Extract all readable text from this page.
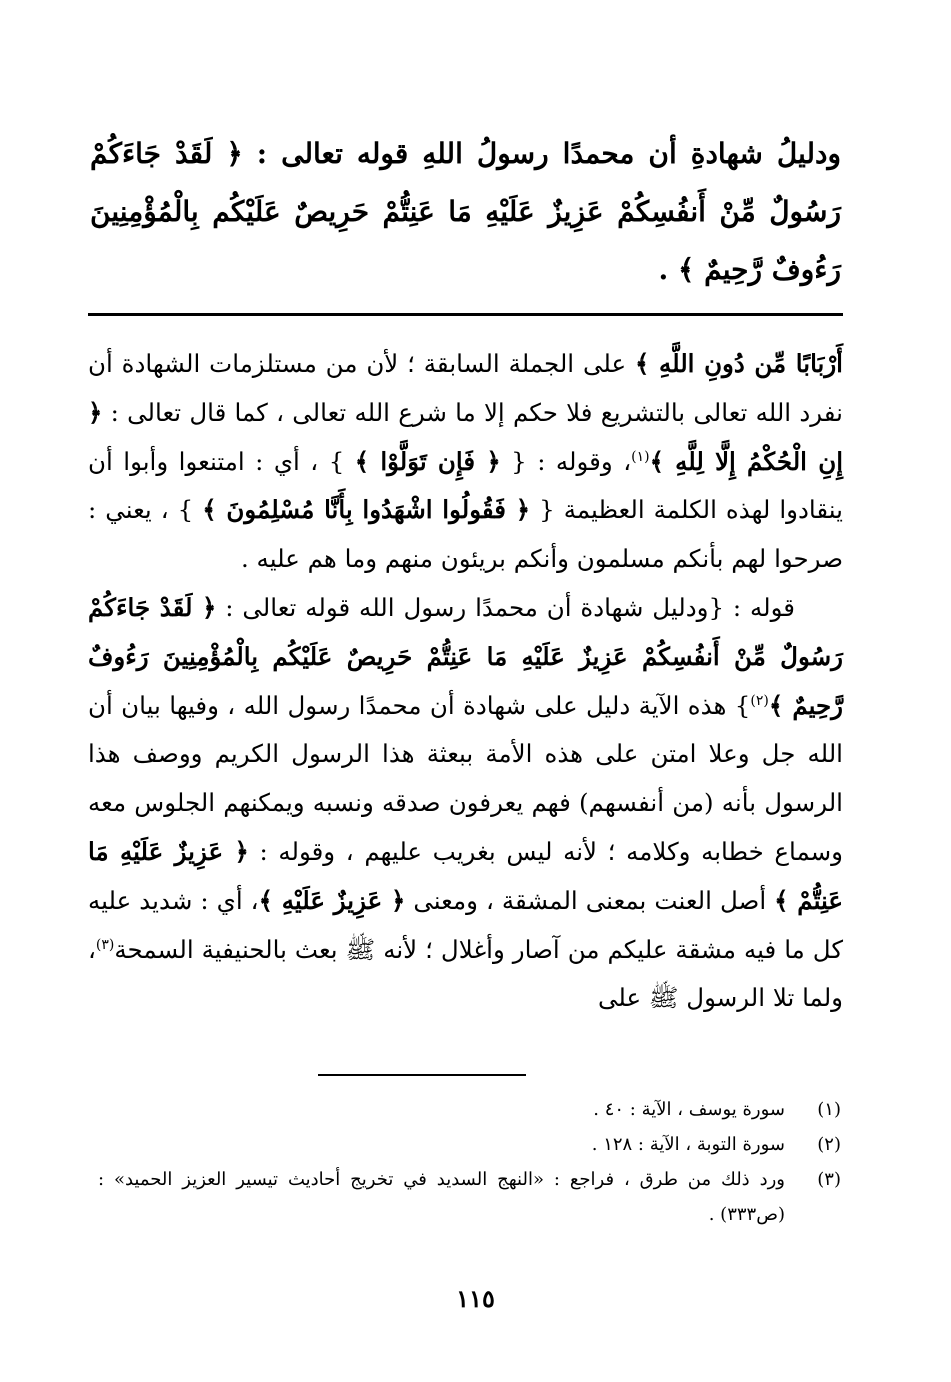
ودليلُ شهادةِ أن محمدًا رسولُ اللهِ قوله تعالى : ﴿ لَقَدْ جَاءَكُمْ رَسُولٌ مِّنْ أَنفُسِكُمْ عَزِيزٌ عَلَيْهِ مَا عَنِتُّمْ حَرِيصٌ عَلَيْكُم بِالْمُؤْمِنِينَ رَءُوفٌ رَّحِيمٌ ﴾ .

أَرْبَابًا مِّن دُونِ اللَّهِ ﴾ على الجملة السابقة ؛ لأن من مستلزمات الشهادة أن نفرد الله تعالى بالتشريع فلا حكم إلا ما شرع الله تعالى ، كما قال تعالى : ﴿ إِنِ الْحُكْمُ إِلَّا لِلَّهِ ﴾$^{(١)}$، وقوله : { ﴿ فَإِن تَوَلَّوْا ﴾ } ، أي : امتنعوا وأبوا أن ينقادوا لهذه الكلمة العظيمة { ﴿ فَقُولُوا اشْهَدُوا بِأَنَّا مُسْلِمُونَ ﴾ } ، يعني : صرحوا لهم بأنكم مسلمون وأنكم بريئون منهم وما هم عليه .

قوله : {ودليل شهادة أن محمدًا رسول الله قوله تعالى : ﴿ لَقَدْ جَاءَكُمْ رَسُولٌ مِّنْ أَنفُسِكُمْ عَزِيزٌ عَلَيْهِ مَا عَنِتُّمْ حَرِيصٌ عَلَيْكُم بِالْمُؤْمِنِينَ رَءُوفٌ رَّحِيمٌ ﴾$^{(٢)}$} هذه الآية دليل على شهادة أن محمدًا رسول الله ، وفيها بيان أن الله جل وعلا امتن على هذه الأمة ببعثة هذا الرسول الكريم ووصف هذا الرسول بأنه (من أنفسهم) فهم يعرفون صدقه ونسبه ويمكنهم الجلوس معه وسماع خطابه وكلامه ؛ لأنه ليس بغريب عليهم ، وقوله : ﴿ عَزِيزٌ عَلَيْهِ مَا عَنِتُّمْ ﴾ أصل العنت بمعنى المشقة ، ومعنى ﴿ عَزِيزٌ عَلَيْهِ ﴾، أي : شديد عليه كل ما فيه مشقة عليكم من آصار وأغلال ؛ لأنه ﷺ بعث بالحنيفية السمحة$^{(٣)}$، ولما تلا الرسول ﷺ على

(١)
سورة يوسف ، الآية : ٤٠ .
(٢)
سورة التوبة ، الآية : ١٢٨ .
(٣)
ورد ذلك من طرق ، فراجع : «النهج السديد في تخريج أحاديث تيسير العزيز الحميد» : (ص٣٣٣) .
١١٥
